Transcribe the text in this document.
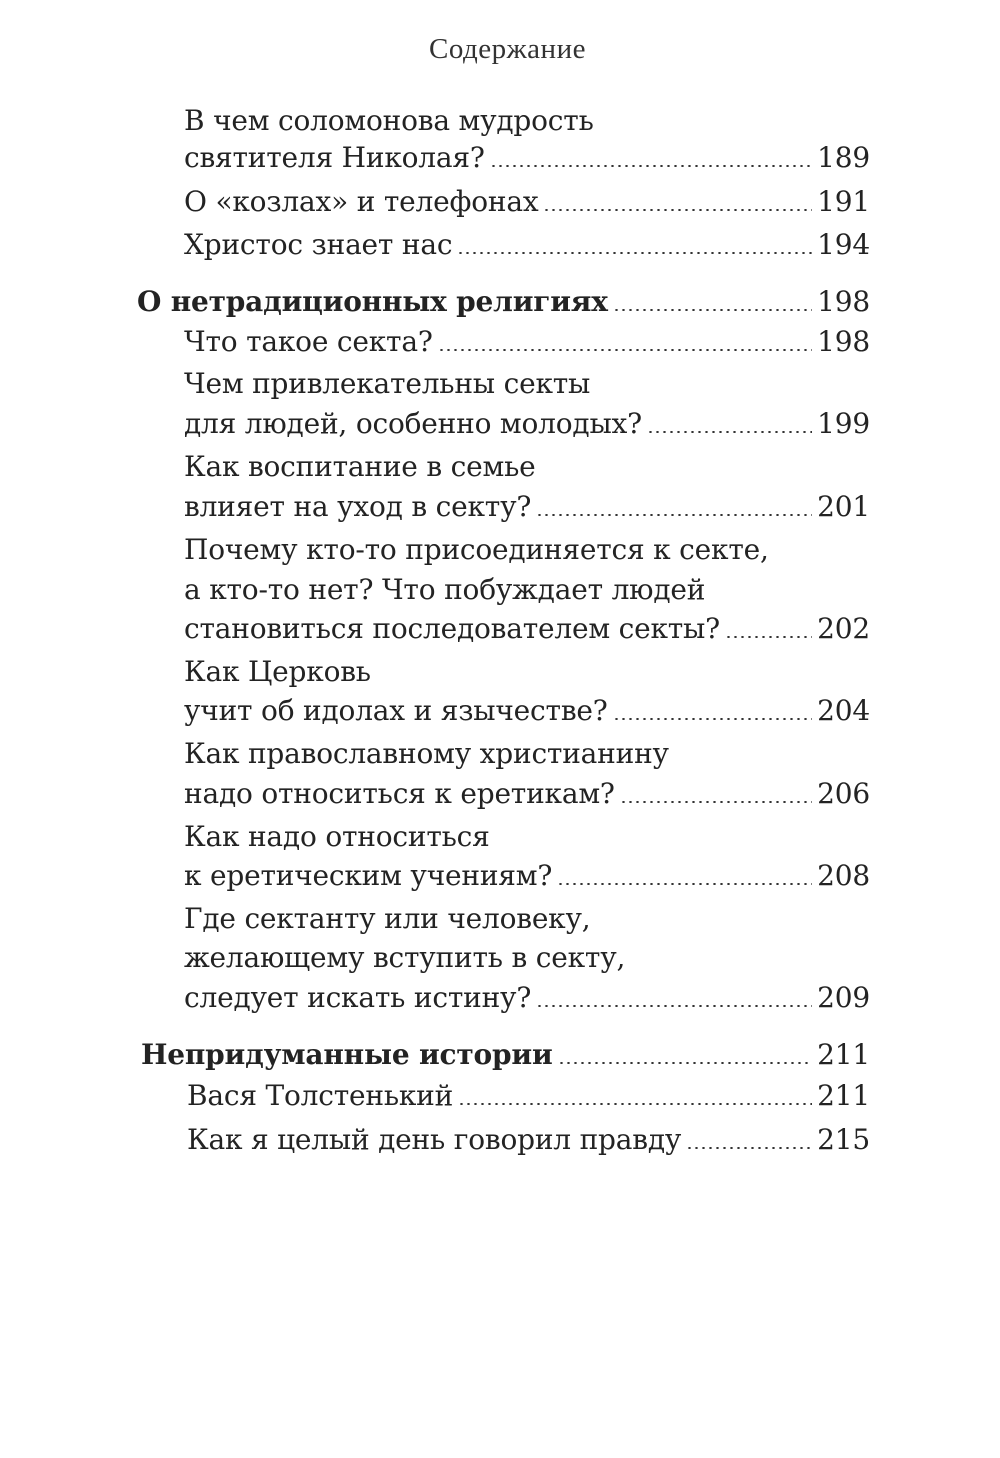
Содержание
В чем соломонова мудрость
святителя Николая?	189
О «козлах» и телефонах	191
Христос знает нас	194
О нетрадиционных религиях	198
Что такое секта?	198
Чем привлекательны секты
для людей, особенно молодых?	199
Как воспитание в семье
влияет на уход в секту?	201
Почему кто-то присоединяется к секте,
а кто-то нет? Что побуждает людей
становиться последователем секты?	202
Как Церковь
учит об идолах и язычестве?	204
Как православному христианину
надо относиться к еретикам?	206
Как надо относиться
к еретическим учениям?	208
Где сектанту или человеку,
желающему вступить в секту,
следует искать истину?	209
Непридуманные истории	211
Вася Толстенький	211
Как я целый день говорил правду	215
